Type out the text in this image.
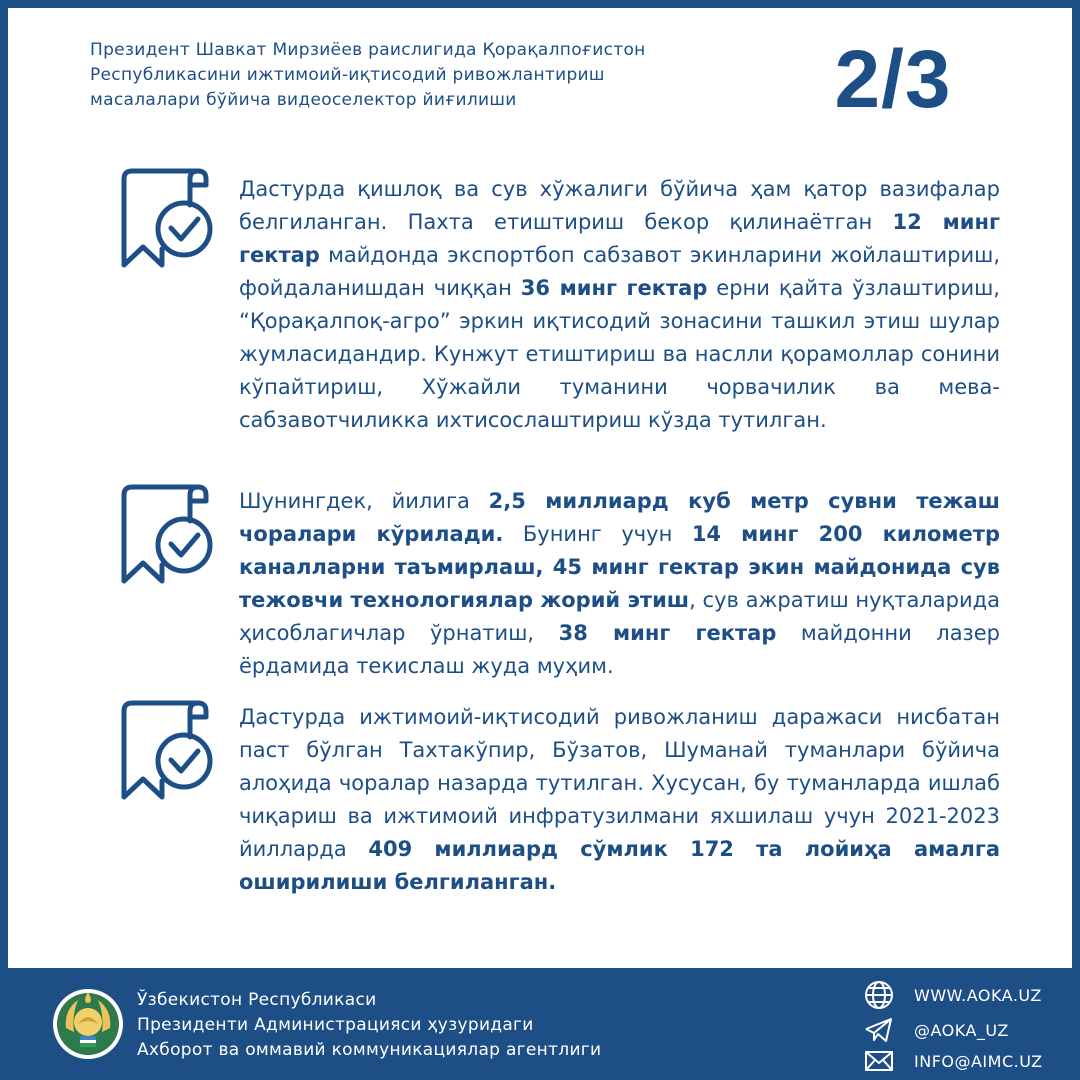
Президент Шавкат Мирзиёев раислигида Қорақалпоғистон
Республикасини ижтимоий-иқтисодий ривожлантириш
масалалари бўйича видеоселектор йиғилиши	2/3

Дастурда қишлоқ ва сув хўжалиги бўйича ҳам қатор вазифалар белгиланган. Пахта етиштириш бекор қилинаётган 12 минг гектар майдонда экспортбоп сабзавот экинларини жойлаштириш, фойдаланишдан чиққан 36 минг гектар ерни қайта ўзлаштириш, “Қорақалпоқ-агро” эркин иқтисодий зонасини ташкил этиш шулар жумласидандир. Кунжут етиштириш ва наслли қорамоллар сонини кўпайтириш, Хўжайли туманини чорвачилик ва мева-сабзавотчиликка ихтисослаштириш кўзда тутилган.

Шунингдек, йилига 2,5 миллиард куб метр сувни тежаш чоралари кўрилади. Бунинг учун 14 минг 200 километр каналларни таъмирлаш, 45 минг гектар экин майдонида сув тежовчи технологиялар жорий этиш, сув ажратиш нуқталарида ҳисоблагичлар ўрнатиш, 38 минг гектар майдонни лазер ёрдамида текислаш жуда муҳим.

Дастурда ижтимоий-иқтисодий ривожланиш даражаси нисбатан паст бўлган Тахтакўпир, Бўзатов, Шуманай туманлари бўйича алоҳида чоралар назарда тутилган. Хусусан, бу туманларда ишлаб чиқариш ва ижтимоий инфратузилмани яхшилаш учун 2021-2023 йилларда 409 миллиард сўмлик 172 та лойиҳа амалга оширилиши белгиланган.

Ўзбекистон Республикаси
Президенти Администрацияси ҳузуридаги
Ахборот ва оммавий коммуникациялар агентлиги
WWW.AOKA.UZ
@AOKA_UZ
INFO@AIMC.UZ
